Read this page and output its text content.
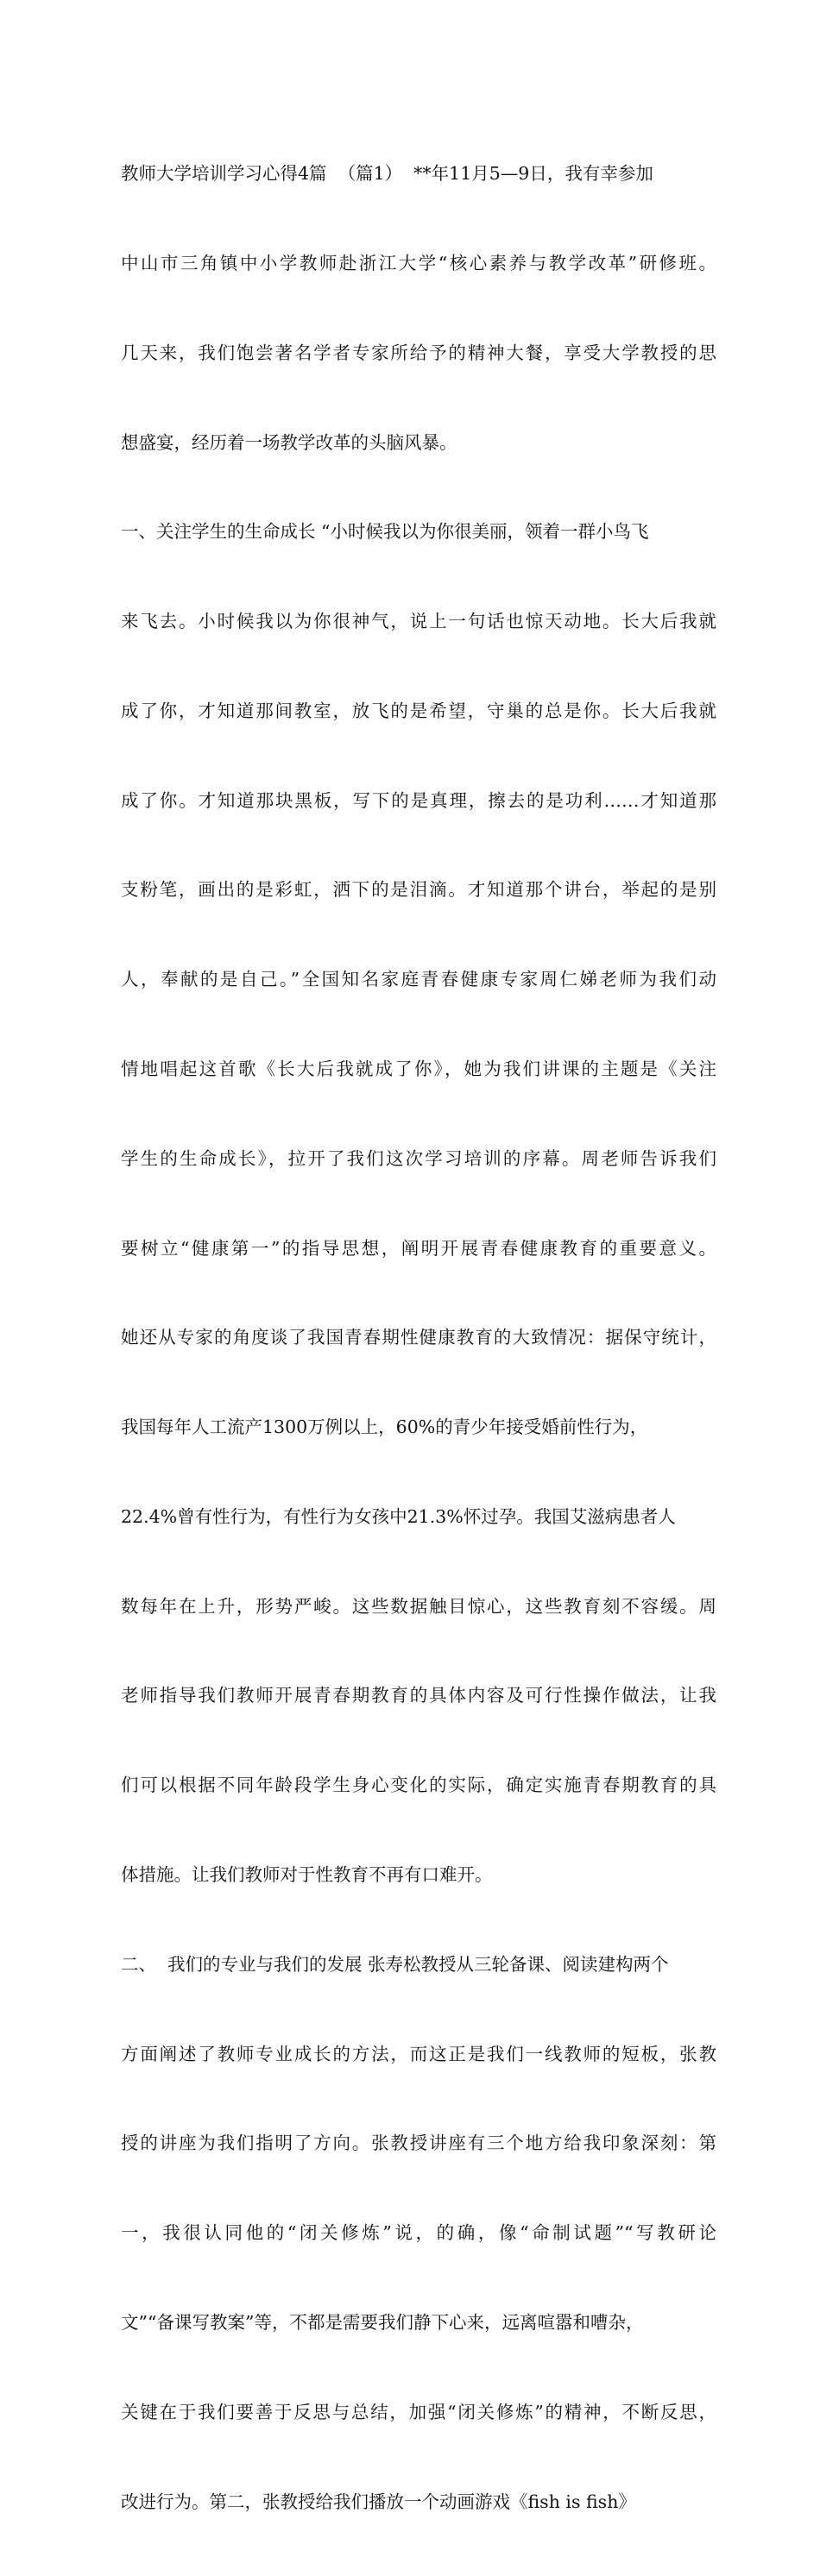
教师大学培训学习心得4篇  （篇1）  **年11月5—9日，我有幸参加

中山市三角镇中小学教师赴浙江大学“核心素养与教学改革”研修班。

几天来，我们饱尝著名学者专家所给予的精神大餐，享受大学教授的思

想盛宴，经历着一场教学改革的头脑风暴。

一、关注学生的生命成长 “小时候我以为你很美丽，领着一群小鸟飞

来飞去。小时候我以为你很神气，说上一句话也惊天动地。长大后我就

成了你，才知道那间教室，放飞的是希望，守巢的总是你。长大后我就

成了你。才知道那块黑板，写下的是真理，擦去的是功利……才知道那

支粉笔，画出的是彩虹，洒下的是泪滴。才知道那个讲台，举起的是别

人，奉献的是自己。”全国知名家庭青春健康专家周仁娣老师为我们动

情地唱起这首歌《长大后我就成了你》，她为我们讲课的主题是《关注

学生的生命成长》，拉开了我们这次学习培训的序幕。周老师告诉我们

要树立“健康第一”的指导思想，阐明开展青春健康教育的重要意义。

她还从专家的角度谈了我国青春期性健康教育的大致情况：据保守统计，

我国每年人工流产1300万例以上，60%的青少年接受婚前性行为，

22.4%曾有性行为，有性行为女孩中21.3%怀过孕。我国艾滋病患者人

数每年在上升，形势严峻。这些数据触目惊心，这些教育刻不容缓。周

老师指导我们教师开展青春期教育的具体内容及可行性操作做法，让我

们可以根据不同年龄段学生身心变化的实际，确定实施青春期教育的具

体措施。让我们教师对于性教育不再有口难开。

二、  我们的专业与我们的发展 张寿松教授从三轮备课、阅读建构两个

方面阐述了教师专业成长的方法，而这正是我们一线教师的短板，张教

授的讲座为我们指明了方向。张教授讲座有三个地方给我印象深刻：第

一，我很认同他的“闭关修炼”说，的确，像“命制试题”“写教研论

文”“备课写教案”等，不都是需要我们静下心来，远离喧嚣和嘈杂，

关键在于我们要善于反思与总结，加强“闭关修炼”的精神，不断反思，

改进行为。第二，张教授给我们播放一个动画游戏《fish is fish》
